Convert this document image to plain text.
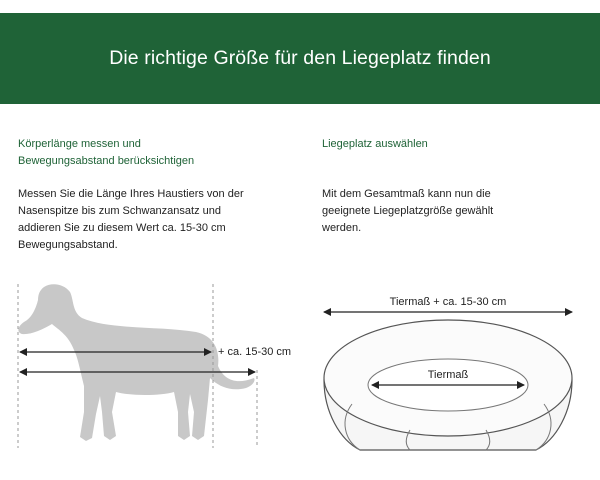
Die richtige Größe für den Liegeplatz finden
Körperlänge messen und
Bewegungsabstand berücksichtigen

Messen Sie die Länge Ihres Haustiers von der
Nasenspitze bis zum Schwanzansatz und
addieren Sie zu diesem Wert ca. 15-30 cm
Bewegungsabstand.

Liegeplatz auswählen

Mit dem Gesamtmaß kann nun die
geeignete Liegeplatzgröße gewählt
werden.

+ ca. 15-30 cm
Tiermaß + ca. 15-30 cm
Tiermaß
